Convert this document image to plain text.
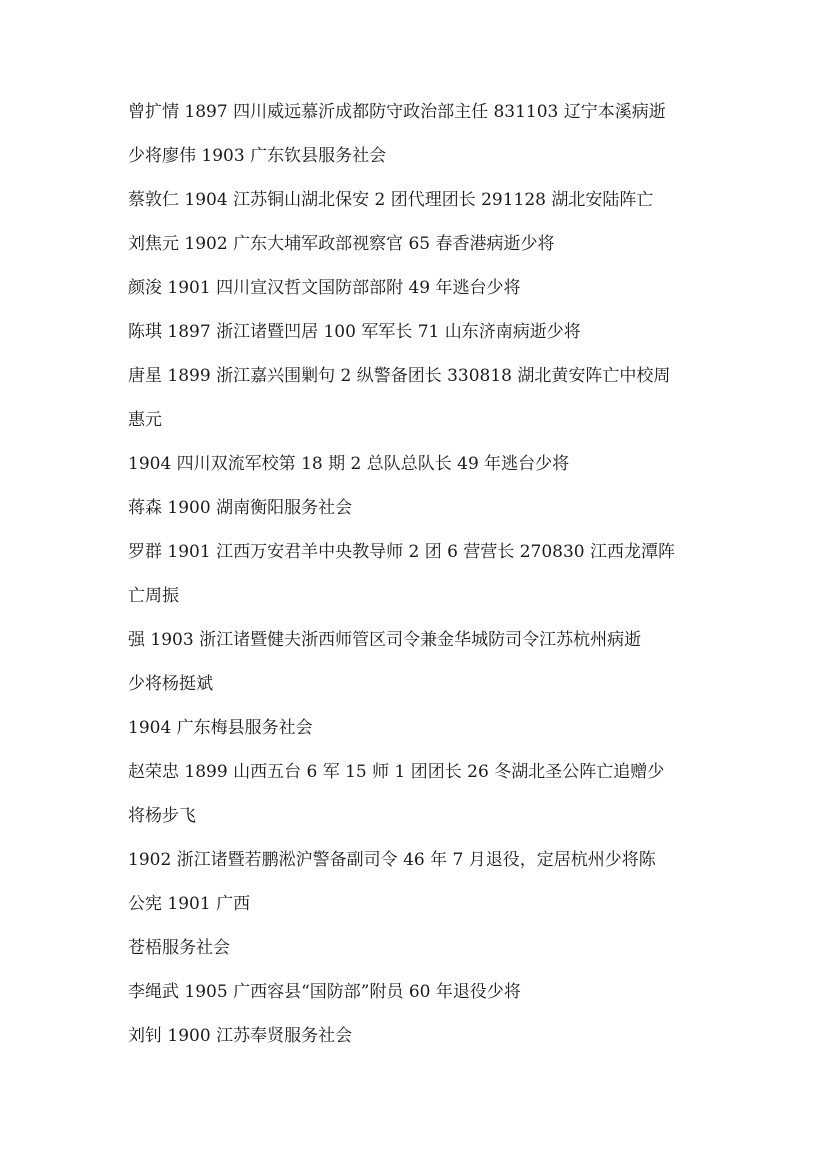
曾扩情 1897 四川威远慕沂成都防守政治部主任 831103 辽宁本溪病逝
少将廖伟 1903 广东钦县服务社会
蔡敦仁 1904 江苏铜山湖北保安 2 团代理团长 291128 湖北安陆阵亡
刘焦元 1902 广东大埔军政部视察官 65 春香港病逝少将
颜浚 1901 四川宣汉哲文国防部部附 49 年逃台少将
陈琪 1897 浙江诸暨凹居 100 军军长 71 山东济南病逝少将
唐星 1899 浙江嘉兴围剿句 2 纵警备团长 330818 湖北黄安阵亡中校周
惠元
1904 四川双流军校第 18 期 2 总队总队长 49 年逃台少将
蒋森 1900 湖南衡阳服务社会
罗群 1901 江西万安君羊中央教导师 2 团 6 营营长 270830 江西龙潭阵
亡周振
强 1903 浙江诸暨健夫浙西师管区司令兼金华城防司令江苏杭州病逝
少将杨挺斌
1904 广东梅县服务社会
赵荣忠 1899 山西五台 6 军 15 师 1 团团长 26 冬湖北圣公阵亡追赠少
将杨步飞
1902 浙江诸暨若鹏淞沪警备副司令 46 年 7 月退役，定居杭州少将陈
公宪 1901 广西
苍梧服务社会
李绳武 1905 广西容县“国防部”附员 60 年退役少将
刘钊 1900 江苏奉贤服务社会
